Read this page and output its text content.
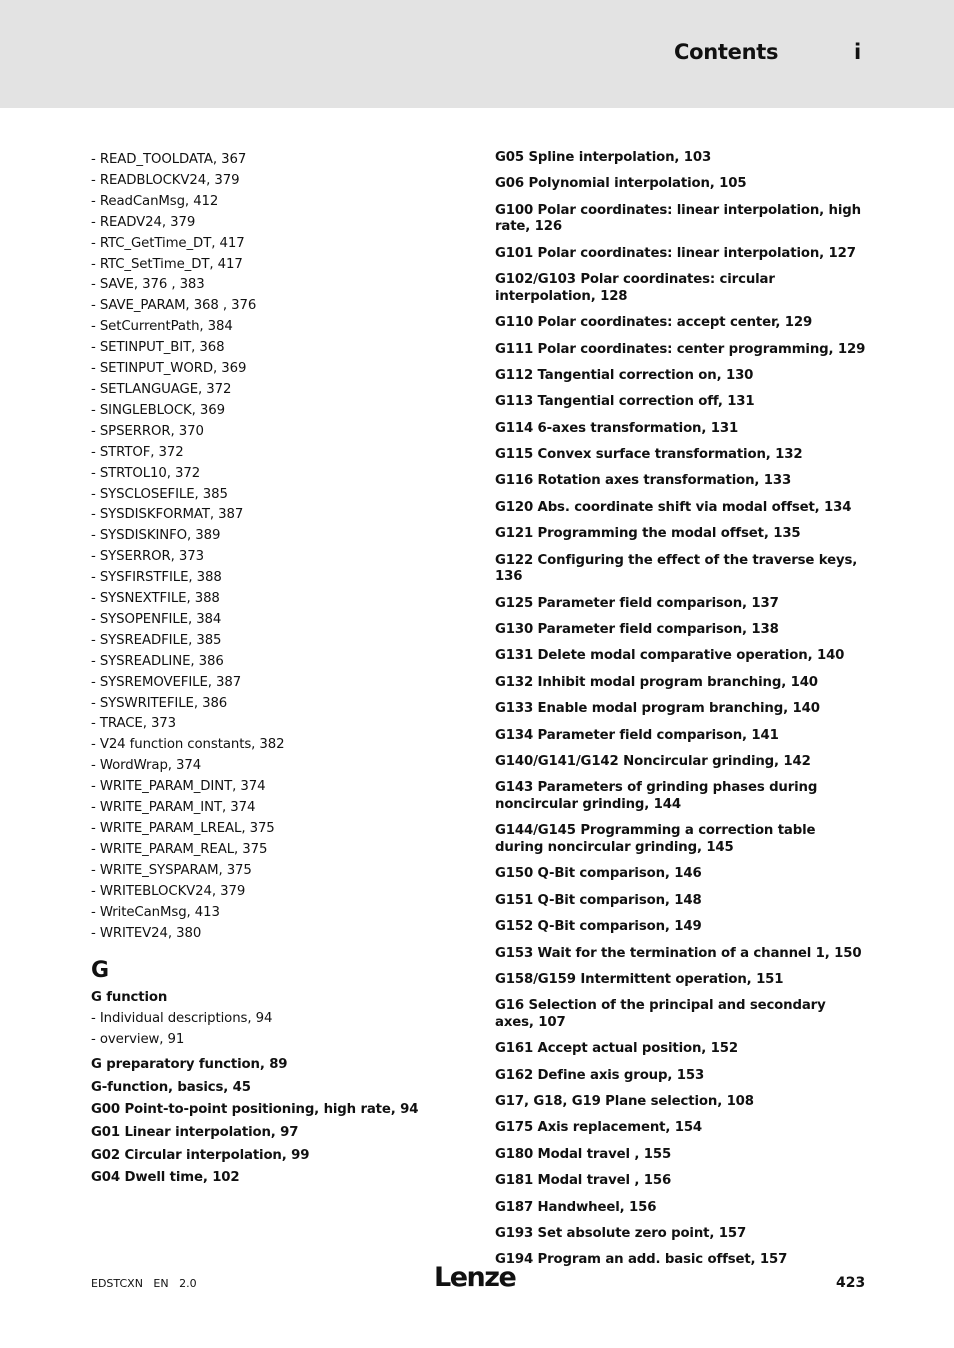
Contents	i
- READ_TOOLDATA, 367
- READBLOCKV24, 379
- ReadCanMsg, 412
- READV24, 379
- RTC_GetTime_DT, 417
- RTC_SetTime_DT, 417
- SAVE, 376 , 383
- SAVE_PARAM, 368 , 376
- SetCurrentPath, 384
- SETINPUT_BIT, 368
- SETINPUT_WORD, 369
- SETLANGUAGE, 372
- SINGLEBLOCK, 369
- SPSERROR, 370
- STRTOF, 372
- STRTOL10, 372
- SYSCLOSEFILE, 385
- SYSDISKFORMAT, 387
- SYSDISKINFO, 389
- SYSERROR, 373
- SYSFIRSTFILE, 388
- SYSNEXTFILE, 388
- SYSOPENFILE, 384
- SYSREADFILE, 385
- SYSREADLINE, 386
- SYSREMOVEFILE, 387
- SYSWRITEFILE, 386
- TRACE, 373
- V24 function constants, 382
- WordWrap, 374
- WRITE_PARAM_DINT, 374
- WRITE_PARAM_INT, 374
- WRITE_PARAM_LREAL, 375
- WRITE_PARAM_REAL, 375
- WRITE_SYSPARAM, 375
- WRITEBLOCKV24, 379
- WriteCanMsg, 413
- WRITEV24, 380
G
G function
- Individual descriptions, 94
- overview, 91
G preparatory function, 89
G-function, basics, 45
G00 Point-to-point positioning, high rate, 94
G01 Linear interpolation, 97
G02 Circular interpolation, 99
G04 Dwell time, 102
G05 Spline interpolation, 103
G06 Polynomial interpolation, 105
G100 Polar coordinates: linear interpolation, high rate, 126
G101 Polar coordinates: linear interpolation, 127
G102/G103 Polar coordinates: circular interpolation, 128
G110 Polar coordinates: accept center, 129
G111 Polar coordinates: center programming, 129
G112 Tangential correction on, 130
G113 Tangential correction off, 131
G114 6-axes transformation, 131
G115 Convex surface transformation, 132
G116 Rotation axes transformation, 133
G120 Abs. coordinate shift via modal offset, 134
G121 Programming the modal offset, 135
G122 Configuring the effect of the traverse keys, 136
G125 Parameter field comparison, 137
G130 Parameter field comparison, 138
G131 Delete modal comparative operation, 140
G132 Inhibit modal program branching, 140
G133 Enable modal program branching, 140
G134 Parameter field comparison, 141
G140/G141/G142 Noncircular grinding, 142
G143 Parameters of grinding phases during noncircular grinding, 144
G144/G145 Programming a correction table during noncircular grinding, 145
G150 Q-Bit comparison, 146
G151 Q-Bit comparison, 148
G152 Q-Bit comparison, 149
G153 Wait for the termination of a channel 1, 150
G158/G159 Intermittent operation, 151
G16 Selection of the principal and secondary axes, 107
G161 Accept actual position, 152
G162 Define axis group, 153
G17, G18, G19 Plane selection, 108
G175 Axis replacement, 154
G180 Modal travel , 155
G181 Modal travel , 156
G187 Handwheel, 156
G193 Set absolute zero point, 157
G194 Program an add. basic offset, 157
EDSTCXN   EN   2.0	Lenze	423
